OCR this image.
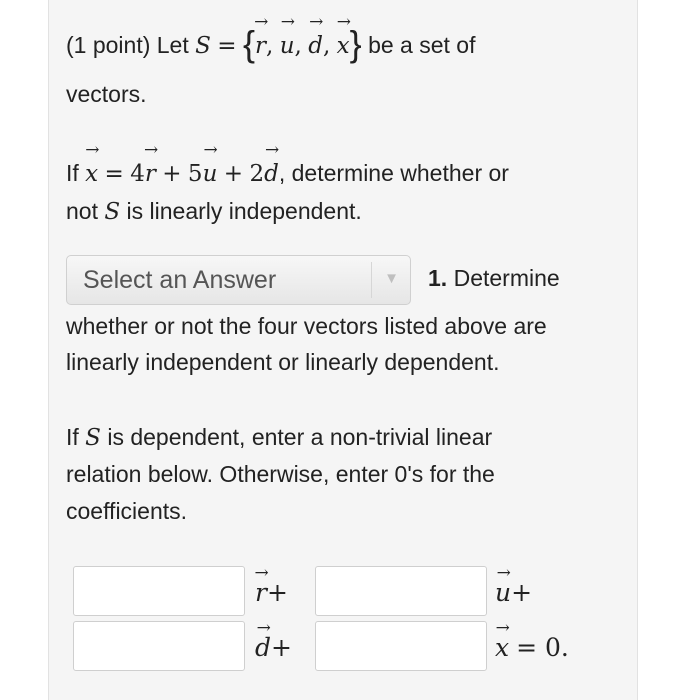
(1 point) Let S = {→ r, → u, → d, → x} be a set of
vectors.
If → x = 4→ r + 5→ u + 2→ d, determine whether or
not S is linearly independent.
1. Determine
whether or not the four vectors listed above are
linearly independent or linearly dependent.
If S is dependent, enter a non-trivial linear
relation below. Otherwise, enter 0's for the
coefficients.
Select an Answer	▼
→ r+	→ u+
→ d+	→ x = 0.
